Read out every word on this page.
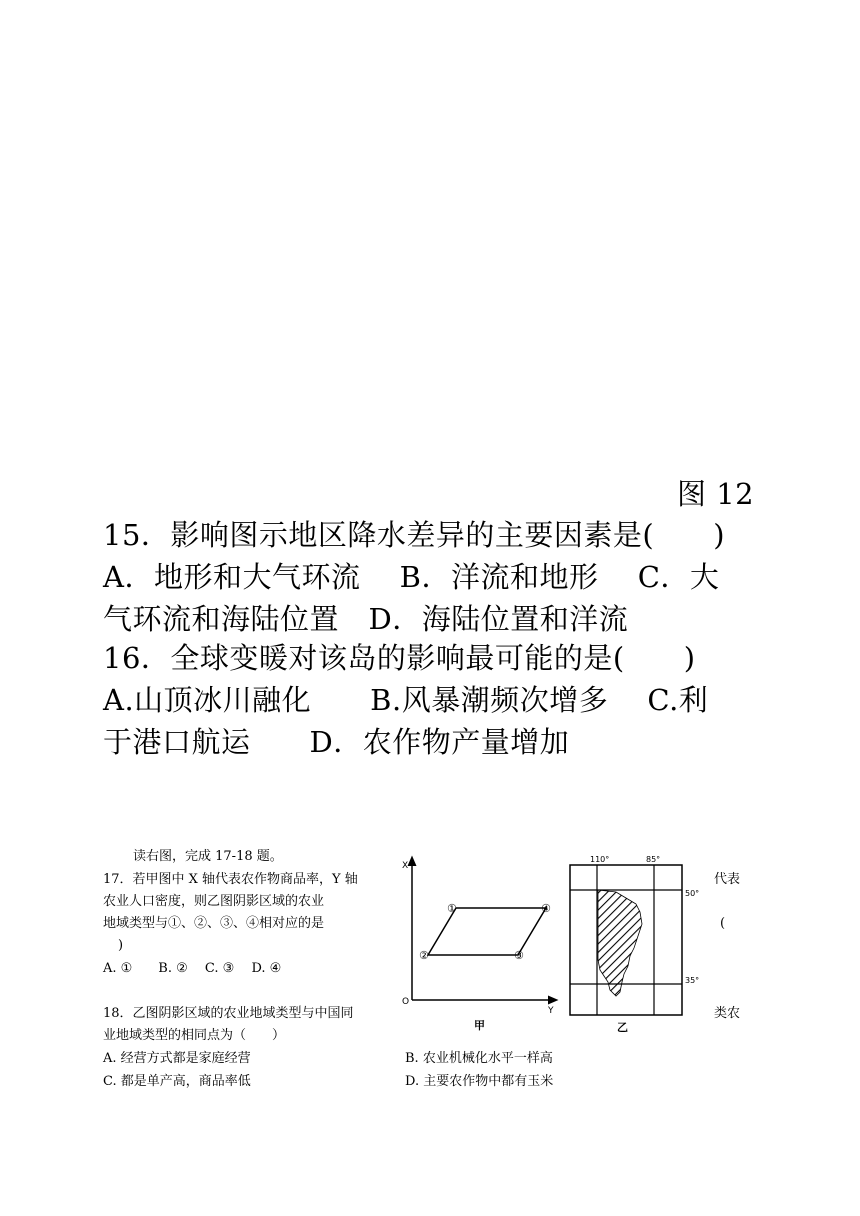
图 12
15．影响图示地区降水差异的主要因素是(　　)
A．地形和大气环流　 B．洋流和地形　 C．大
气环流和海陆位置　D．海陆位置和洋流
16．全球变暖对该岛的影响最可能的是(　　)
A.山顶冰川融化　　B.风暴潮频次增多　 C.利
于港口航运　　D．农作物产量增加
读右图，完成 17-18 题。
17．若甲图中 X 轴代表农作物商品率，Y 轴	代表
农业人口密度，则乙图阴影区域的农业
地域类型与①、②、③、④相对应的是	(
)
A. ①　　B. ②　 C. ③　 D. ④
18．乙图阴影区域的农业地域类型与中国同	类农
业地域类型的相同点为（　　）
A. 经营方式都是家庭经营	B. 农业机械化水平一样高
C. 都是单产高，商品率低	D. 主要农作物中都有玉米
X
Y
O
①
②	③
④
甲
110°	85°
50°
35°
乙
